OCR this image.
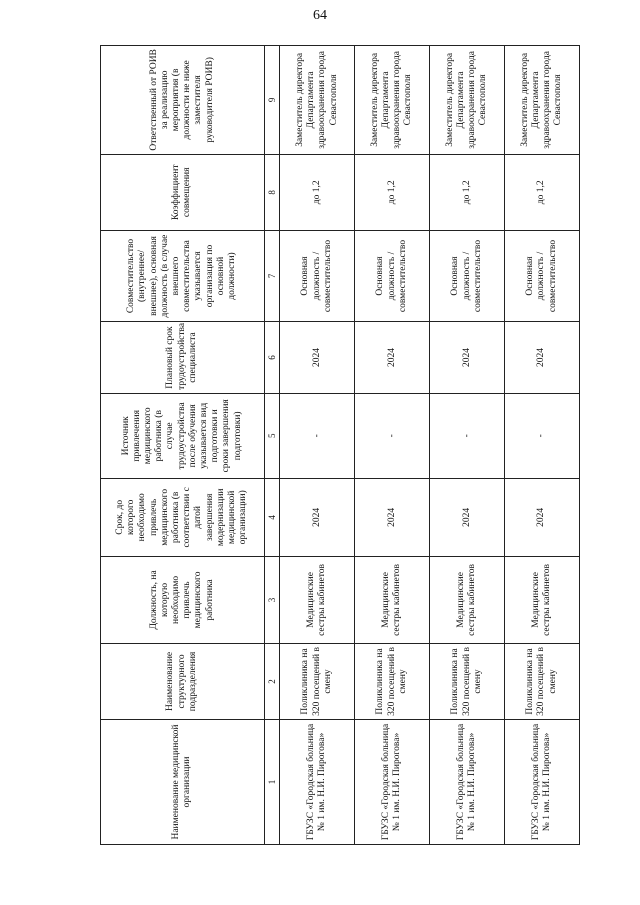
64
Наименование медицинской организации	Наименование структурного подразделения	Должность, на которую необходимо привлечь медицинского работника	Срок, до которого необходимо привлечь медицинского работника (в соответствии с датой завершения модернизации медицинской организации)	Источник привлечения медицинского работника (в случае трудоустройства после обучения указывается вид подготовки и сроки завершения подготовки)	Плановый срок трудоустройства специалиста	Совместительство (внутреннее/внешнее), основная должность (в случае внешнего совместительства указывается организация по основной должности)	Коэффициент совмещения	Ответственный от РОИВ за реализацию мероприятия (в должности не ниже заместителя руководителя РОИВ)
1	2	3	4	5	6	7	8	9
ГБУЗС «Городская больница № 1 им. Н.И. Пирогова»	Поликлиника на 320 посещений в смену	Медицинские сестры кабинетов	2024	-	2024	Основная должность / совместительство	до 1,2	Заместитель директора Департамента здравоохранения города Севастополя
ГБУЗС «Городская больница № 1 им. Н.И. Пирогова»	Поликлиника на 320 посещений в смену	Медицинские сестры кабинетов	2024	-	2024	Основная должность / совместительство	до 1,2	Заместитель директора Департамента здравоохранения города Севастополя
ГБУЗС «Городская больница № 1 им. Н.И. Пирогова»	Поликлиника на 320 посещений в смену	Медицинские сестры кабинетов	2024	-	2024	Основная должность / совместительство	до 1,2	Заместитель директора Департамента здравоохранения города Севастополя
ГБУЗС «Городская больница № 1 им. Н.И. Пирогова»	Поликлиника на 320 посещений в смену	Медицинские сестры кабинетов	2024	-	2024	Основная должность / совместительство	до 1,2	Заместитель директора Департамента здравоохранения города Севастополя
